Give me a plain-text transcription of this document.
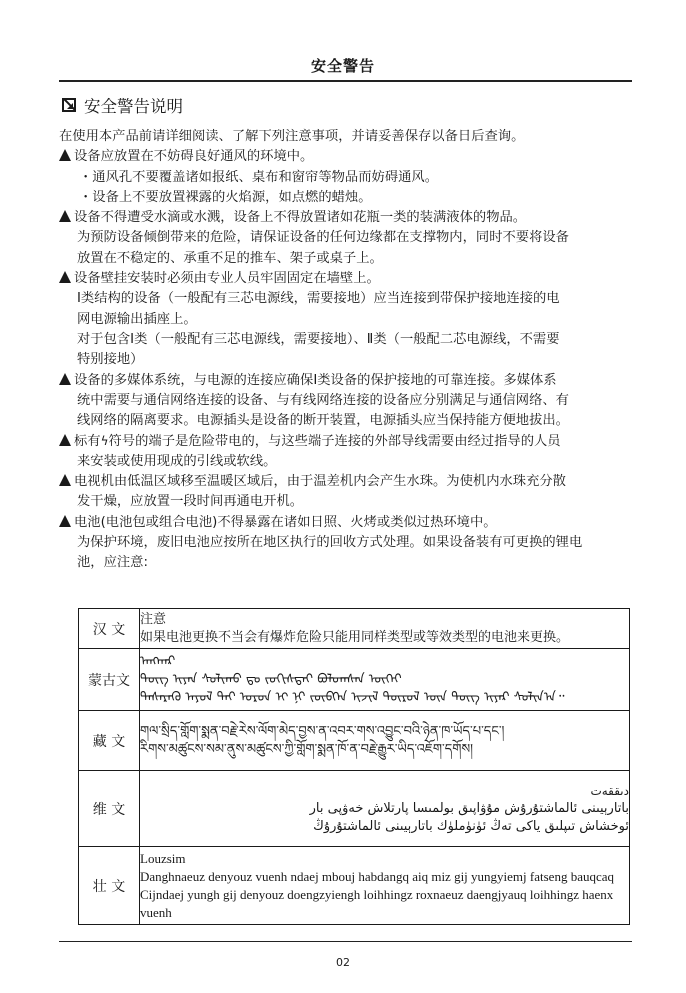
安全警告
安全警告说明
在使用本产品前请详细阅读、了解下列注意事项，并请妥善保存以备日后查询。
设备应放置在不妨碍良好通风的环境中。
・通风孔不要覆盖诸如报纸、桌布和窗帘等物品而妨碍通风。
・设备上不要放置裸露的火焰源，如点燃的蜡烛。
设备不得遭受水滴或水溅，设备上不得放置诸如花瓶一类的装满液体的物品。
为预防设备倾倒带来的危险，请保证设备的任何边缘都在支撑物内，同时不要将设备
放置在不稳定的、承重不足的推车、架子或桌子上。
设备壁挂安装时必须由专业人员牢固固定在墙壁上。
Ⅰ类结构的设备（一般配有三芯电源线，需要接地）应当连接到带保护接地连接的电
网电源输出插座上。
对于包含Ⅰ类（一般配有三芯电源线，需要接地）、Ⅱ类（一般配二芯电源线，不需要
特别接地）
设备的多媒体系统，与电源的连接应确保Ⅰ类设备的保护接地的可靠连接。多媒体系
统中需要与通信网络连接的设备、与有线网络连接的设备应分别满足与通信网络、有
线网络的隔离要求。电源插头是设备的断开装置，电源插头应当保持能方便地拔出。
标有ϟ符号的端子是危险带电的，与这些端子连接的外部导线需要由经过指导的人员
来安装或使用现成的引线或软线。
电视机由低温区域移至温暖区域后，由于温差机内会产生水珠。为使机内水珠充分散
发干燥，应放置一段时间再通电开机。
电池(电池包或组合电池)不得暴露在诸如日照、火烤或类似过热环境中。
为保护环境，废旧电池应按所在地区执行的回收方式处理。如果设备装有可更换的锂电
池，应注意:
汉 文	注意
如果电池更换不当会有爆炸危险只能用同样类型或等效类型的电池来更换。

蒙古文	ᠠᠩᠬᠠᠷ
ᠲᠦᠭ ᠢᠶᠡᠨ ᠰᠣᠯᠢᠬᠤ ᠳᠤ ᠵᠣᠬᠢᠰᠲᠠᠢ ᠪᠣᠯᠤᠭᠰᠠᠨ ᠦᠭᠡᠢ
ᠲᠡᠰᠡᠷᠡᠬᠦ ᠠᠶᠤᠯ ᠲᠠᠢ ᠤᠷᠤᠨ ᠢ ᠨᠢ ᠵᠥᠪᠬᠡᠨ ᠢᠵᠢᠯ ᠲᠥᠷᠥᠯ ᠦᠨ ᠲᠦᠭ ᠢᠶᠡᠷ ᠰᠣᠯᠢᠨ᠎ᠠ᠃

藏 文	གལ་སྲིད་གློག་སྨན་བརྗེ་རེས་ལོག་མེད་བྱས་ན་འབར་གས་འབྱུང་བའི་ཉེན་ཁ་ཡོད་པ་དང་།
རིགས་མཚུངས་སམ་ནུས་མཚུངས་ཀྱི་གློག་སྨན་ཁོ་ན་བརྗེ་རྒྱུར་ཡིད་འཇོག་དགོས།

维 文	دىققەت
باتارېيىنى ئالماشتۇرۇش مۇۋاپىق بولمىسا پارتلاش خەۋپى بار
ئوخشاش تىپلىق ياكى تەڭ ئۈنۈملۈك باتارېيىنى ئالماشتۇرۇڭ

壮 文	Louzsim
Danghnaeuz denyouz vuenh ndaej mbouj habdangq aiq miz gij yungyiemj fatseng bauqcaq
Cijndaej yungh gij denyouz doengzyiengh loihhingz roxnaeuz daengjyauq loihhingz haenx vuenh
02
